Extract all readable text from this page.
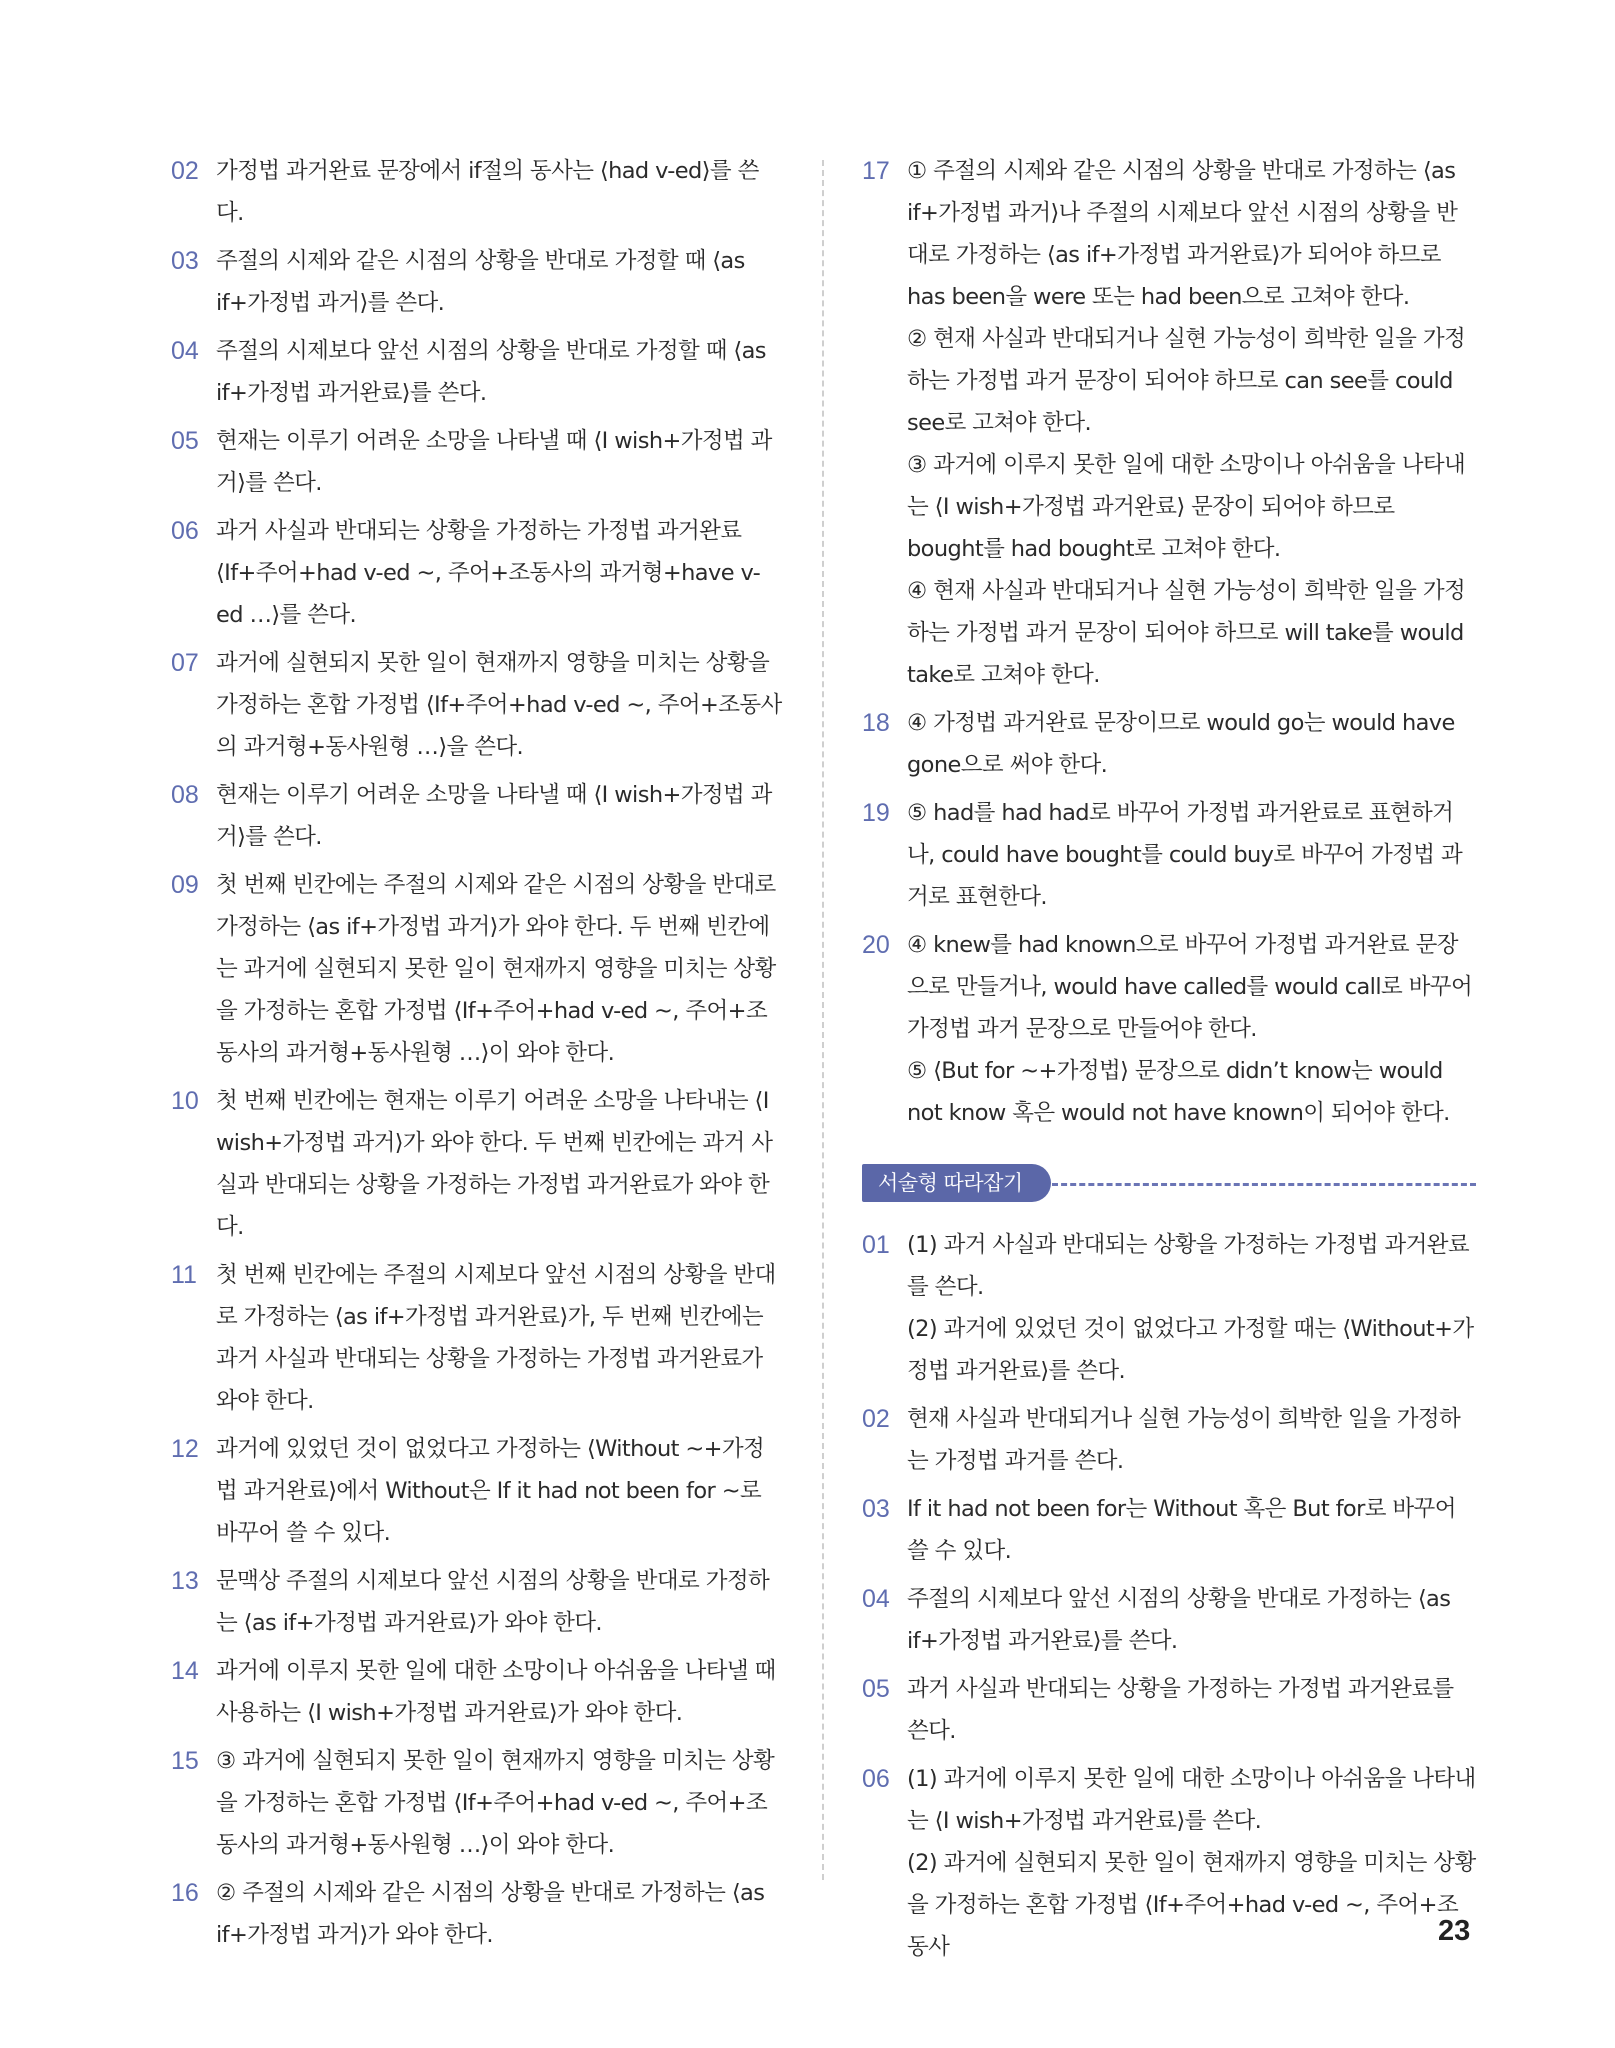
02 가정법 과거완료 문장에서 if절의 동사는 ⟨had v-ed⟩를 쓴다.

03 주절의 시제와 같은 시점의 상황을 반대로 가정할 때 ⟨as if+가정법 과거⟩를 쓴다.

04 주절의 시제보다 앞선 시점의 상황을 반대로 가정할 때 ⟨as if+가정법 과거완료⟩를 쓴다.

05 현재는 이루기 어려운 소망을 나타낼 때 ⟨I wish+가정법 과거⟩를 쓴다.

06 과거 사실과 반대되는 상황을 가정하는 가정법 과거완료 ⟨If+주어+had v-ed ~, 주어+조동사의 과거형+have v-ed …⟩를 쓴다.

07 과거에 실현되지 못한 일이 현재까지 영향을 미치는 상황을 가정하는 혼합 가정법 ⟨If+주어+had v-ed ~, 주어+조동사의 과거형+동사원형 …⟩을 쓴다.

08 현재는 이루기 어려운 소망을 나타낼 때 ⟨I wish+가정법 과거⟩를 쓴다.

09 첫 번째 빈칸에는 주절의 시제와 같은 시점의 상황을 반대로 가정하는 ⟨as if+가정법 과거⟩가 와야 한다. 두 번째 빈칸에는 과거에 실현되지 못한 일이 현재까지 영향을 미치는 상황을 가정하는 혼합 가정법 ⟨If+주어+had v-ed ~, 주어+조동사의 과거형+동사원형 …⟩이 와야 한다.

10 첫 번째 빈칸에는 현재는 이루기 어려운 소망을 나타내는 ⟨I wish+가정법 과거⟩가 와야 한다. 두 번째 빈칸에는 과거 사실과 반대되는 상황을 가정하는 가정법 과거완료가 와야 한다.

11 첫 번째 빈칸에는 주절의 시제보다 앞선 시점의 상황을 반대로 가정하는 ⟨as if+가정법 과거완료⟩가, 두 번째 빈칸에는 과거 사실과 반대되는 상황을 가정하는 가정법 과거완료가 와야 한다.

12 과거에 있었던 것이 없었다고 가정하는 ⟨Without ~+가정법 과거완료⟩에서 Without은 If it had not been for ~로 바꾸어 쓸 수 있다.

13 문맥상 주절의 시제보다 앞선 시점의 상황을 반대로 가정하는 ⟨as if+가정법 과거완료⟩가 와야 한다.

14 과거에 이루지 못한 일에 대한 소망이나 아쉬움을 나타낼 때 사용하는 ⟨I wish+가정법 과거완료⟩가 와야 한다.

15 ③ 과거에 실현되지 못한 일이 현재까지 영향을 미치는 상황을 가정하는 혼합 가정법 ⟨If+주어+had v-ed ~, 주어+조동사의 과거형+동사원형 …⟩이 와야 한다.

16 ② 주절의 시제와 같은 시점의 상황을 반대로 가정하는 ⟨as if+가정법 과거⟩가 와야 한다.

17 ① 주절의 시제와 같은 시점의 상황을 반대로 가정하는 ⟨as if+가정법 과거⟩나 주절의 시제보다 앞선 시점의 상황을 반대로 가정하는 ⟨as if+가정법 과거완료⟩가 되어야 하므로 has been을 were 또는 had been으로 고쳐야 한다.

② 현재 사실과 반대되거나 실현 가능성이 희박한 일을 가정하는 가정법 과거 문장이 되어야 하므로 can see를 could see로 고쳐야 한다.

③ 과거에 이루지 못한 일에 대한 소망이나 아쉬움을 나타내는 ⟨I wish+가정법 과거완료⟩ 문장이 되어야 하므로 bought를 had bought로 고쳐야 한다.

④ 현재 사실과 반대되거나 실현 가능성이 희박한 일을 가정하는 가정법 과거 문장이 되어야 하므로 will take를 would take로 고쳐야 한다.

18 ④ 가정법 과거완료 문장이므로 would go는 would have gone으로 써야 한다.

19 ⑤ had를 had had로 바꾸어 가정법 과거완료로 표현하거나, could have bought를 could buy로 바꾸어 가정법 과거로 표현한다.

20 ④ knew를 had known으로 바꾸어 가정법 과거완료 문장으로 만들거나, would have called를 would call로 바꾸어 가정법 과거 문장으로 만들어야 한다.

⑤ ⟨But for ~+가정법⟩ 문장으로 didn’t know는 would not know 혹은 would not have known이 되어야 한다.

서술형 따라잡기
01 (1) 과거 사실과 반대되는 상황을 가정하는 가정법 과거완료를 쓴다.

(2) 과거에 있었던 것이 없었다고 가정할 때는 ⟨Without+가정법 과거완료⟩를 쓴다.

02 현재 사실과 반대되거나 실현 가능성이 희박한 일을 가정하는 가정법 과거를 쓴다.

03 If it had not been for는 Without 혹은 But for로 바꾸어 쓸 수 있다.

04 주절의 시제보다 앞선 시점의 상황을 반대로 가정하는 ⟨as if+가정법 과거완료⟩를 쓴다.

05 과거 사실과 반대되는 상황을 가정하는 가정법 과거완료를 쓴다.

06 (1) 과거에 이루지 못한 일에 대한 소망이나 아쉬움을 나타내는 ⟨I wish+가정법 과거완료⟩를 쓴다.

(2) 과거에 실현되지 못한 일이 현재까지 영향을 미치는 상황을 가정하는 혼합 가정법 ⟨If+주어+had v-ed ~, 주어+조동사	23
